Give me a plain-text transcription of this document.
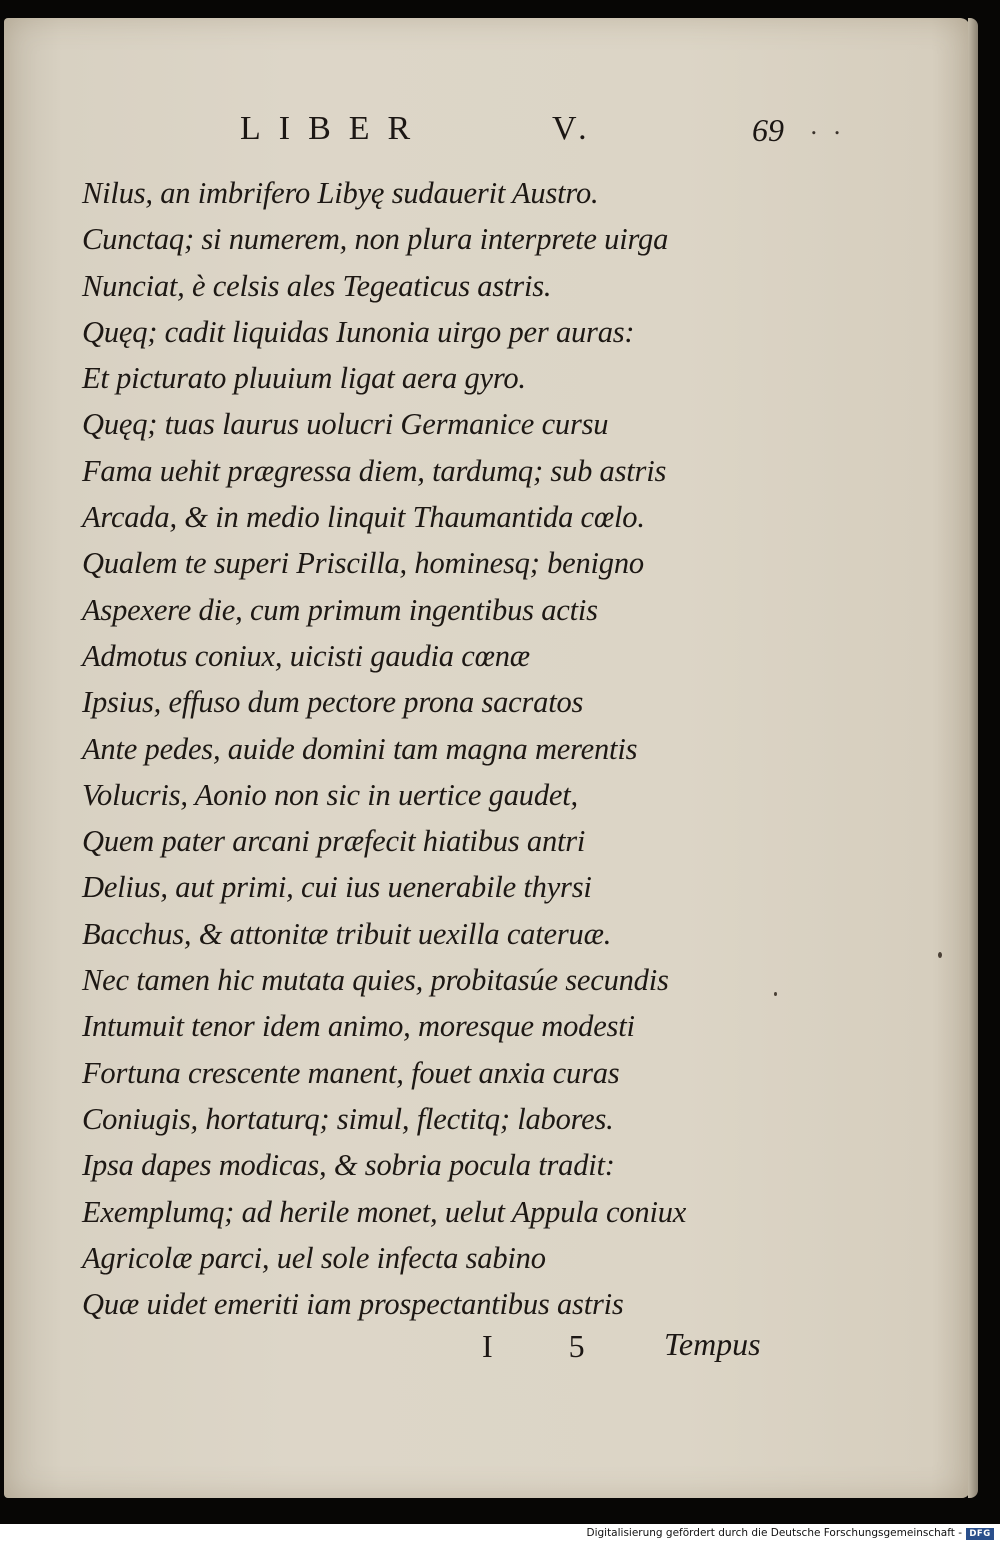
LIBER	V.	69 . .
Nilus, an imbrifero Libyę sudauerit Austro.
Cunctaq; si numerem, non plura interprete uirga
Nunciat, è celsis ales Tegeaticus astris.
Quęq; cadit liquidas Iunonia uirgo per auras:
Et picturato pluuium ligat aera gyro.
Quęq; tuas laurus uolucri Germanice cursu
Fama uehit prægressa diem, tardumq; sub astris
Arcada, & in medio linquit Thaumantida cœlo.
Qualem te superi Priscilla, hominesq; benigno
Aspexere die, cum primum ingentibus actis
Admotus coniux, uicisti gaudia cœnæ
Ipsius, effuso dum pectore prona sacratos
Ante pedes, auide domini tam magna merentis
Volucris, Aonio non sic in uertice gaudet,
Quem pater arcani præfecit hiatibus antri
Delius, aut primi, cui ius uenerabile thyrsi
Bacchus, & attonitæ tribuit uexilla cateruæ.
Nec tamen hic mutata quies, probitasúe secundis
Intumuit tenor idem animo, moresque modesti
Fortuna crescente manent, fouet anxia curas
Coniugis, hortaturq; simul, flectitq; labores.
Ipsa dapes modicas, & sobria pocula tradit:
Exemplumq; ad herile monet, uelut Appula coniux
Agricolæ parci, uel sole infecta sabino
Quæ uidet emeriti iam prospectantibus astris
I 5 Tempus
Digitalisierung gefördert durch die Deutsche Forschungsgemeinschaft - DFG
